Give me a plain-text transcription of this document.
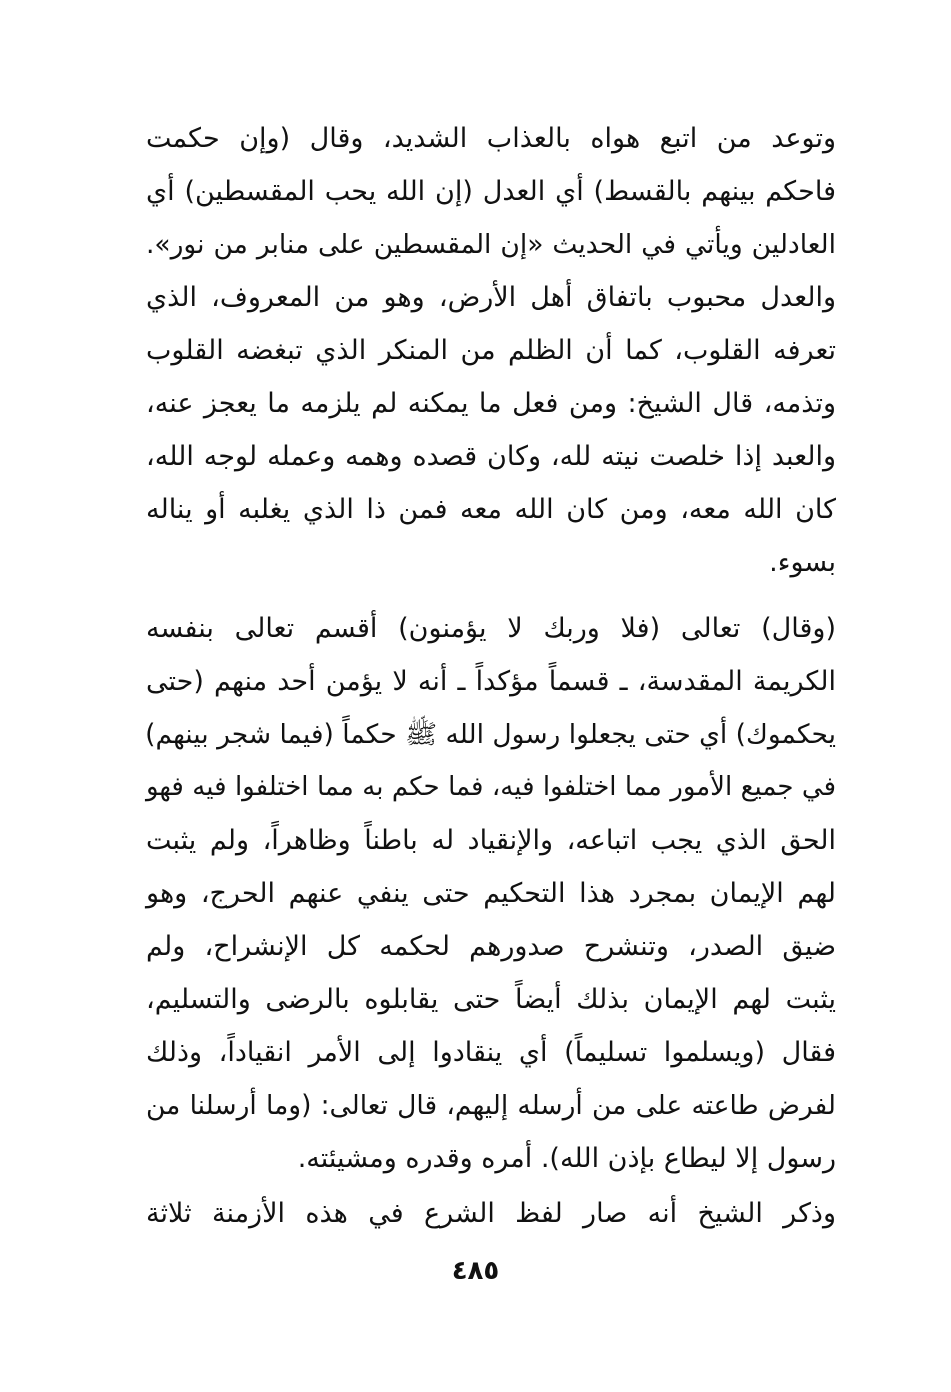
وتوعد من اتبع هواه بالعذاب الشديد، وقال (وإن حكمت
فاحكم بينهم بالقسط) أي العدل (إن الله يحب المقسطين) أي
العادلين ويأتي في الحديث «إن المقسطين على منابر من نور».
والعدل محبوب باتفاق أهل الأرض، وهو من المعروف، الذي
تعرفه القلوب، كما أن الظلم من المنكر الذي تبغضه القلوب
وتذمه، قال الشيخ: ومن فعل ما يمكنه لم يلزمه ما يعجز عنه،
والعبد إذا خلصت نيته لله، وكان قصده وهمه وعمله لوجه الله،
كان الله معه، ومن كان الله معه فمن ذا الذي يغلبه أو يناله
بسوء.
(وقال) تعالى (فلا وربك لا يؤمنون) أقسم تعالى بنفسه
الكريمة المقدسة، ـ قسماً مؤكداً ـ أنه لا يؤمن أحد منهم (حتى
يحكموك) أي حتى يجعلوا رسول الله ﷺ حكماً (فيما شجر بينهم)
في جميع الأمور مما اختلفوا فيه، فما حكم به مما اختلفوا فيه فهو
الحق الذي يجب اتباعه، والإنقياد له باطناً وظاهراً، ولم يثبت
لهم الإيمان بمجرد هذا التحكيم حتى ينفي عنهم الحرج، وهو
ضيق الصدر، وتنشرح صدورهم لحكمه كل الإنشراح، ولم
يثبت لهم الإيمان بذلك أيضاً حتى يقابلوه بالرضى والتسليم،
فقال (ويسلموا تسليماً) أي ينقادوا إلى الأمر انقياداً، وذلك
لفرض طاعته على من أرسله إليهم، قال تعالى: (وما أرسلنا من
رسول إلا ليطاع بإذن الله). أمره وقدره ومشيئته.
وذكر الشيخ أنه صار لفظ الشرع في هذه الأزمنة ثلاثة
٤٨٥
